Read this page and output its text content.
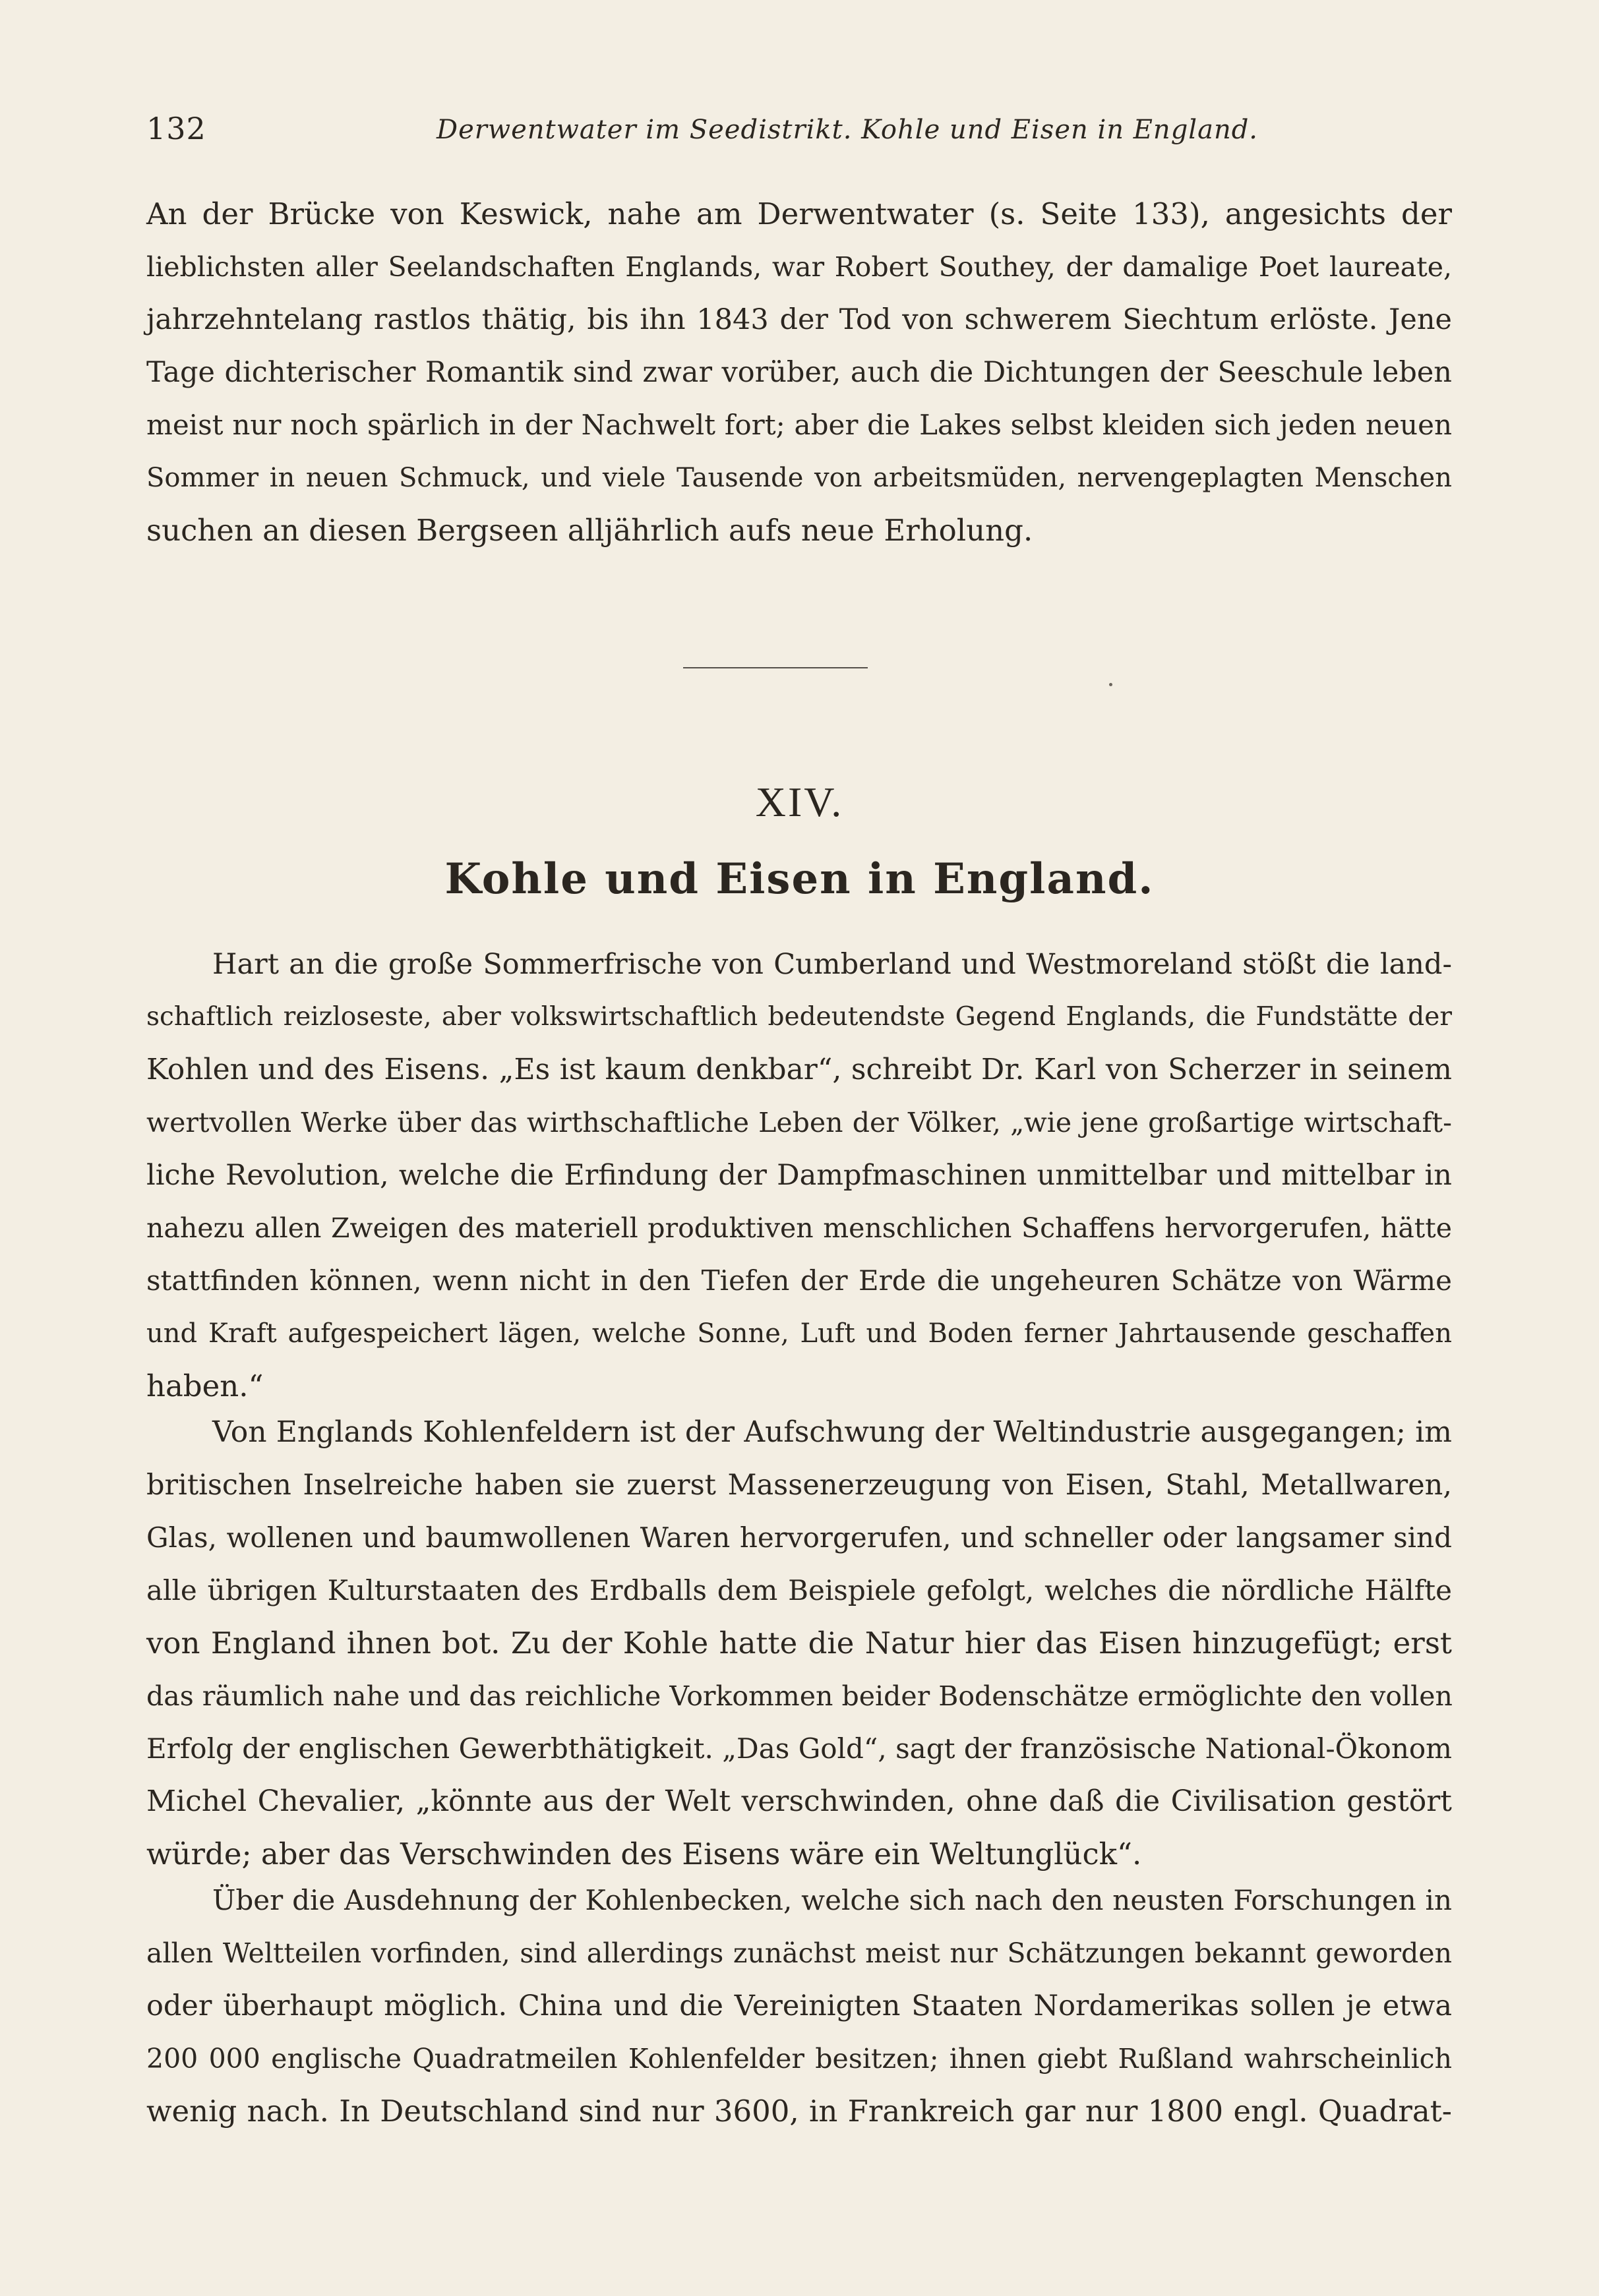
132	Derwentwater im Seedistrikt. Kohle und Eisen in England.
An der Brücke von Keswick, nahe am Derwentwater (s. Seite 133), angesichts der
lieblichsten aller Seelandschaften Englands, war Robert Southey, der damalige Poet laureate,
jahrzehntelang rastlos thätig, bis ihn 1843 der Tod von schwerem Siechtum erlöste. Jene
Tage dichterischer Romantik sind zwar vorüber, auch die Dichtungen der Seeschule leben
meist nur noch spärlich in der Nachwelt fort; aber die Lakes selbst kleiden sich jeden neuen
Sommer in neuen Schmuck, und viele Tausende von arbeitsmüden, nervengeplagten Menschen
suchen an diesen Bergseen alljährlich aufs neue Erholung.
XIV.
Kohle und Eisen in England.
Hart an die große Sommerfrische von Cumberland und Westmoreland stößt die land-
schaftlich reizloseste, aber volkswirtschaftlich bedeutendste Gegend Englands, die Fundstätte der
Kohlen und des Eisens. „Es ist kaum denkbar“, schreibt Dr. Karl von Scherzer in seinem
wertvollen Werke über das wirthschaftliche Leben der Völker, „wie jene großartige wirtschaft-
liche Revolution, welche die Erfindung der Dampfmaschinen unmittelbar und mittelbar in
nahezu allen Zweigen des materiell produktiven menschlichen Schaffens hervorgerufen, hätte
stattfinden können, wenn nicht in den Tiefen der Erde die ungeheuren Schätze von Wärme
und Kraft aufgespeichert lägen, welche Sonne, Luft und Boden ferner Jahrtausende geschaffen
haben.“
Von Englands Kohlenfeldern ist der Aufschwung der Weltindustrie ausgegangen; im
britischen Inselreiche haben sie zuerst Massenerzeugung von Eisen, Stahl, Metallwaren,
Glas, wollenen und baumwollenen Waren hervorgerufen, und schneller oder langsamer sind
alle übrigen Kulturstaaten des Erdballs dem Beispiele gefolgt, welches die nördliche Hälfte
von England ihnen bot. Zu der Kohle hatte die Natur hier das Eisen hinzugefügt; erst
das räumlich nahe und das reichliche Vorkommen beider Bodenschätze ermöglichte den vollen
Erfolg der englischen Gewerbthätigkeit. „Das Gold“, sagt der französische National-Ökonom
Michel Chevalier, „könnte aus der Welt verschwinden, ohne daß die Civilisation gestört
würde; aber das Verschwinden des Eisens wäre ein Weltunglück“.
Über die Ausdehnung der Kohlenbecken, welche sich nach den neusten Forschungen in
allen Weltteilen vorfinden, sind allerdings zunächst meist nur Schätzungen bekannt geworden
oder überhaupt möglich. China und die Vereinigten Staaten Nordamerikas sollen je etwa
200 000 englische Quadratmeilen Kohlenfelder besitzen; ihnen giebt Rußland wahrscheinlich
wenig nach. In Deutschland sind nur 3600, in Frankreich gar nur 1800 engl. Quadrat-
